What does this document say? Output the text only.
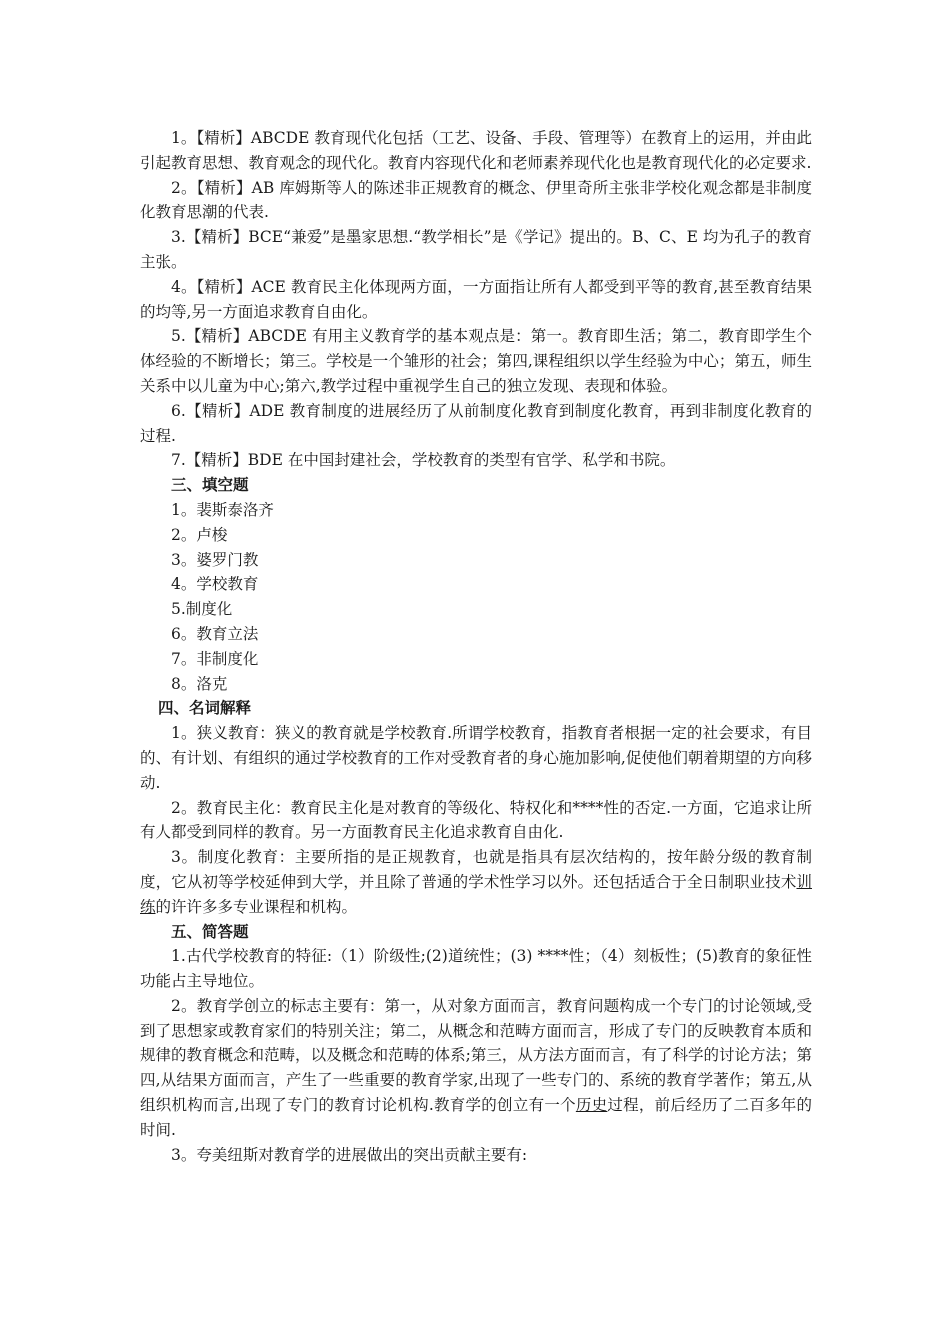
1。【精析】ABCDE 教育现代化包括（工艺、设备、手段、管理等）在教育上的运用，并由此引起教育思想、教育观念的现代化。教育内容现代化和老师素养现代化也是教育现代化的必定要求.

2。【精析】AB 库姆斯等人的陈述非正规教育的概念、伊里奇所主张非学校化观念都是非制度化教育思潮的代表.

3.【精析】BCE“兼爱”是墨家思想.“教学相长”是《学记》提出的。B、C、E 均为孔子的教育主张。

4。【精析】ACE 教育民主化体现两方面，一方面指让所有人都受到平等的教育,甚至教育结果的均等,另一方面追求教育自由化。

5.【精析】ABCDE 有用主义教育学的基本观点是：第一。教育即生活；第二，教育即学生个体经验的不断增长；第三。学校是一个雏形的社会；第四,课程组织以学生经验为中心；第五，师生关系中以儿童为中心;第六,教学过程中重视学生自己的独立发现、表现和体验。

6.【精析】ADE 教育制度的进展经历了从前制度化教育到制度化教育，再到非制度化教育的过程.

7.【精析】BDE 在中国封建社会，学校教育的类型有官学、私学和书院。

三、填空题

1。裴斯泰洛齐

2。卢梭

3。婆罗门教

4。学校教育

5.制度化

6。教育立法

7。非制度化

8。洛克

四、名词解释

1。狭义教育：狭义的教育就是学校教育.所谓学校教育，指教育者根据一定的社会要求，有目的、有计划、有组织的通过学校教育的工作对受教育者的身心施加影响,促使他们朝着期望的方向移动.

2。教育民主化：教育民主化是对教育的等级化、特权化和****性的否定.一方面，它追求让所有人都受到同样的教育。另一方面教育民主化追求教育自由化.

3。制度化教育：主要所指的是正规教育，也就是指具有层次结构的，按年龄分级的教育制度，它从初等学校延伸到大学，并且除了普通的学术性学习以外。还包括适合于全日制职业技术训练的许许多多专业课程和机构。

五、简答题

1.古代学校教育的特征:（1）阶级性;(2)道统性；(3) ****性；（4）刻板性；(5)教育的象征性功能占主导地位。

2。教育学创立的标志主要有：第一，从对象方面而言，教育问题构成一个专门的讨论领域,受到了思想家或教育家们的特别关注；第二，从概念和范畴方面而言，形成了专门的反映教育本质和规律的教育概念和范畴，以及概念和范畴的体系;第三，从方法方面而言，有了科学的讨论方法；第四,从结果方面而言，产生了一些重要的教育学家,出现了一些专门的、系统的教育学著作；第五,从组织机构而言,出现了专门的教育讨论机构.教育学的创立有一个历史过程，前后经历了二百多年的时间.

3。夸美纽斯对教育学的进展做出的突出贡献主要有:
